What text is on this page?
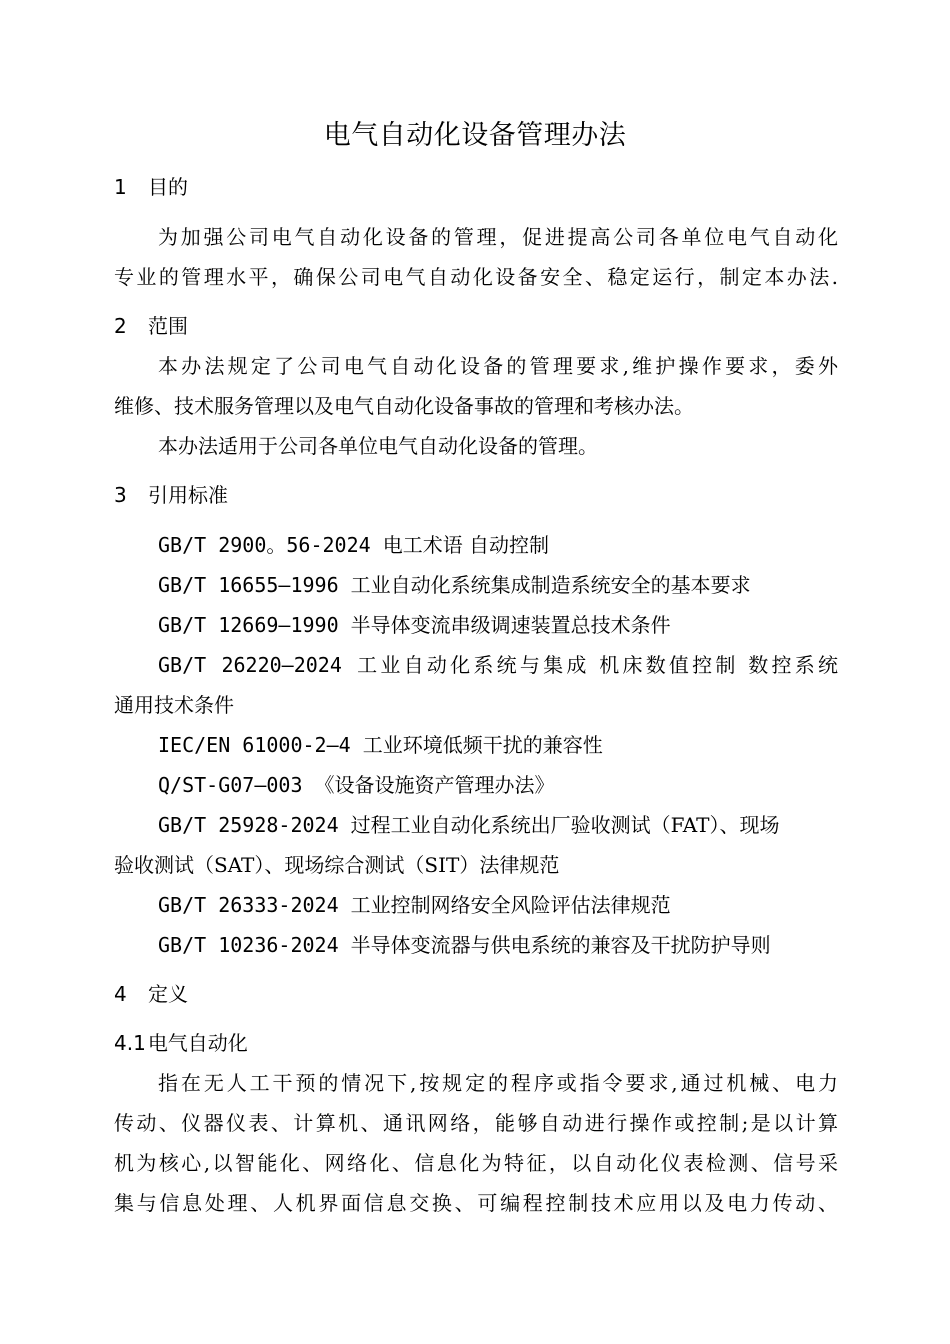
电气自动化设备管理办法
1 目的
为加强公司电气自动化设备的管理，促进提高公司各单位电气自动化
专业的管理水平，确保公司电气自动化设备安全、稳定运行，制定本办法.
2 范围
本办法规定了公司电气自动化设备的管理要求,维护操作要求，委外
维修、技术服务管理以及电气自动化设备事故的管理和考核办法。
本办法适用于公司各单位电气自动化设备的管理。
3 引用标准
GB/T 2900。56-2024 电工术语 自动控制
GB/T 16655—1996 工业自动化系统集成制造系统安全的基本要求
GB/T 12669—1990 半导体变流串级调速装置总技术条件
GB/T 26220—2024 工业自动化系统与集成 机床数值控制 数控系统
通用技术条件
IEC/EN 61000-2—4 工业环境低频干扰的兼容性
Q/ST-G07—003 《设备设施资产管理办法》
GB/T 25928-2024 过程工业自动化系统出厂验收测试（FAT）、现场
验收测试（SAT）、现场综合测试（SIT）法律规范
GB/T 26333-2024 工业控制网络安全风险评估法律规范
GB/T 10236-2024 半导体变流器与供电系统的兼容及干扰防护导则
4 定义
4.1 电气自动化
指在无人工干预的情况下,按规定的程序或指令要求,通过机械、电力
传动、仪器仪表、计算机、通讯网络，能够自动进行操作或控制;是以计算
机为核心,以智能化、网络化、信息化为特征，以自动化仪表检测、信号采
集与信息处理、人机界面信息交换、可编程控制技术应用以及电力传动、
